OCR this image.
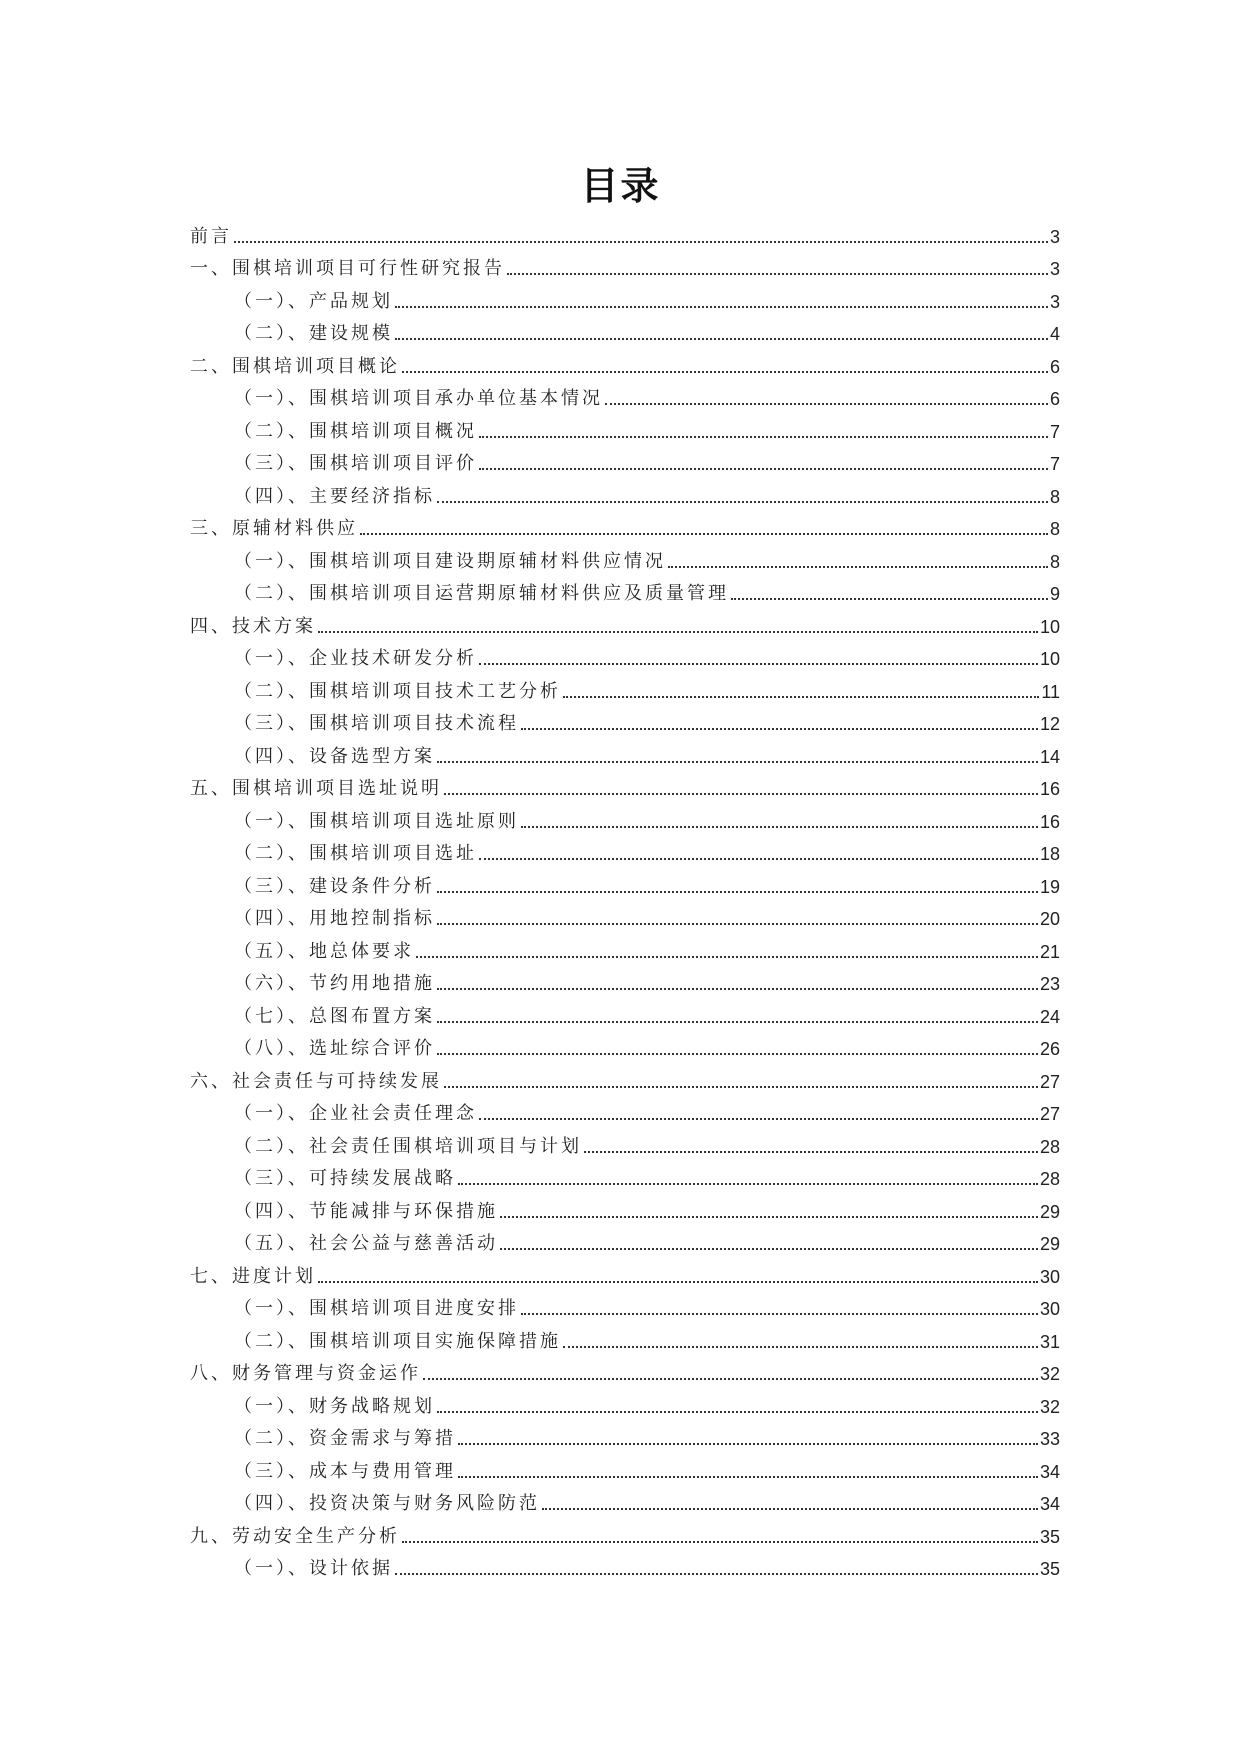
目录
前言	3
一、围棋培训项目可行性研究报告	3
（一）、产品规划	3
（二）、建设规模	4
二、围棋培训项目概论	6
（一）、围棋培训项目承办单位基本情况	6
（二）、围棋培训项目概况	7
（三）、围棋培训项目评价	7
（四）、主要经济指标	8
三、原辅材料供应	8
（一）、围棋培训项目建设期原辅材料供应情况	8
（二）、围棋培训项目运营期原辅材料供应及质量管理	9
四、技术方案	10
（一）、企业技术研发分析	10
（二）、围棋培训项目技术工艺分析	11
（三）、围棋培训项目技术流程	12
（四）、设备选型方案	14
五、围棋培训项目选址说明	16
（一）、围棋培训项目选址原则	16
（二）、围棋培训项目选址	18
（三）、建设条件分析	19
（四）、用地控制指标	20
（五）、地总体要求	21
（六）、节约用地措施	23
（七）、总图布置方案	24
（八）、选址综合评价	26
六、社会责任与可持续发展	27
（一）、企业社会责任理念	27
（二）、社会责任围棋培训项目与计划	28
（三）、可持续发展战略	28
（四）、节能减排与环保措施	29
（五）、社会公益与慈善活动	29
七、进度计划	30
（一）、围棋培训项目进度安排	30
（二）、围棋培训项目实施保障措施	31
八、财务管理与资金运作	32
（一）、财务战略规划	32
（二）、资金需求与筹措	33
（三）、成本与费用管理	34
（四）、投资决策与财务风险防范	34
九、劳动安全生产分析	35
（一）、设计依据	35
